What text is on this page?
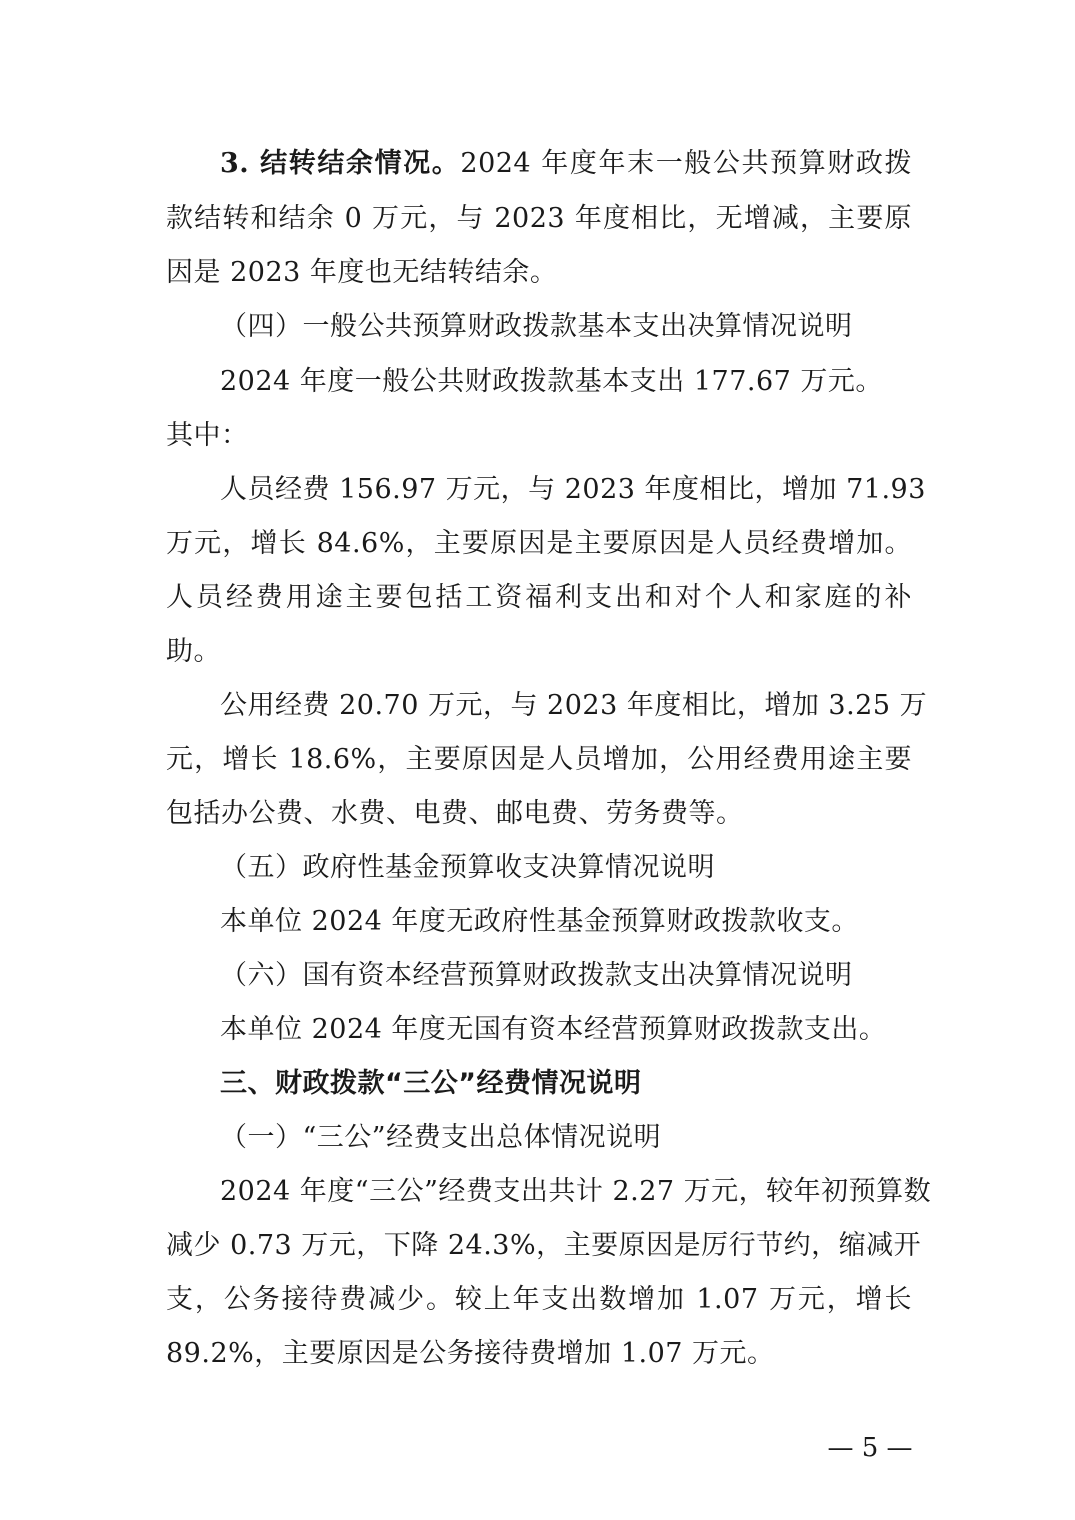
3. 结转结余情况。2024 年度年末一般公共预算财政拨
款结转和结余 0 万元，与 2023 年度相比，无增减，主要原
因是 2023 年度也无结转结余。
（四）一般公共预算财政拨款基本支出决算情况说明
2024 年度一般公共财政拨款基本支出 177.67 万元。
其中：
人员经费 156.97 万元，与 2023 年度相比，增加 71.93
万元，增长 84.6%，主要原因是主要原因是人员经费增加。
人员经费用途主要包括工资福利支出和对个人和家庭的补
助。
公用经费 20.70 万元，与 2023 年度相比，增加 3.25 万
元，增长 18.6%，主要原因是人员增加，公用经费用途主要
包括办公费、水费、电费、邮电费、劳务费等。
（五）政府性基金预算收支决算情况说明
本单位 2024 年度无政府性基金预算财政拨款收支。
（六）国有资本经营预算财政拨款支出决算情况说明
本单位 2024 年度无国有资本经营预算财政拨款支出。
三、财政拨款“三公”经费情况说明
（一）“三公”经费支出总体情况说明
2024 年度“三公”经费支出共计 2.27 万元，较年初预算数
减少 0.73 万元，下降 24.3%，主要原因是厉行节约，缩减开
支，公务接待费减少。较上年支出数增加 1.07 万元，增长
89.2%，主要原因是公务接待费增加 1.07 万元。
— 5 —
